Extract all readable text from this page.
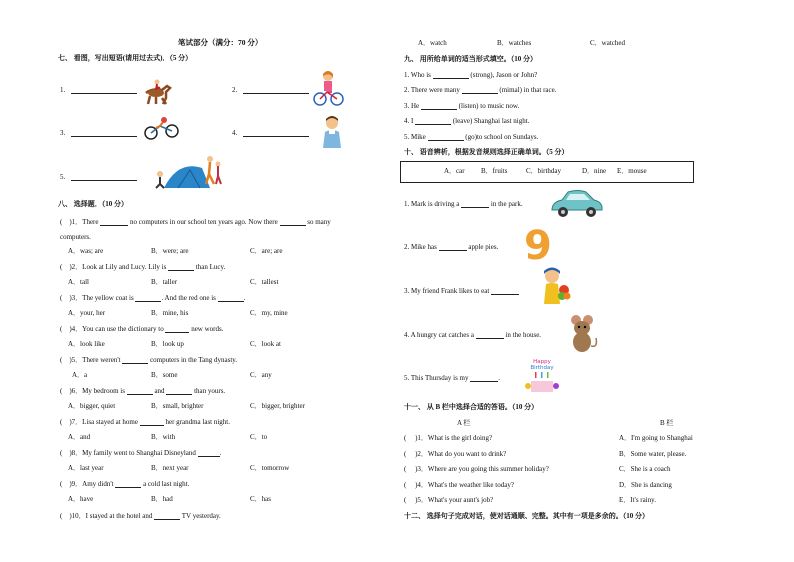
笔试部分（满分：70 分）
七、 看图，写出短语(请用过去式)．（5 分）
1.	2.
3.	4.
5.
八、 选择题．（10 分）
( )1．There	no computers in our school ten years ago. Now there	so many
computers.
A．was; are	B．were; are	C．are; are
( )2．Look at Lily and Lucy. Lily is	than Lucy.
A．tall	B．taller	C．tallest
( )3．The yellow coat is	. And the red one is	.
A．your, her	B．mine, his	C．my, mine
( )4．You can use the dictionary to	new words.
A．look like	B．look up	C．look at
( )5．There weren't	computers in the Tang dynasty.
A．a	B．some	C．any
( )6．My bedroom is	and	than yours.
A．bigger, quiet	B．small, brighter	C．bigger, brighter
( )7．Lisa stayed at home	her grandma last night.
A．and	B．with	C．to
( )8．My family went to Shanghai Disneyland	.
A．last year	B．next year	C．tomorrow
( )9．Amy didn't	a cold last night.
A．have	B．had	C．has
( )10．I stayed at the hotel and	TV yesterday.
A．watch	B．watches	C．watched
九、 用所给单词的适当形式填空。（10 分）
1. Who is	(strong), Jason or John?
2. There were many	(mimal) in that race.
3. He	(listen) to music now.
4. I	(leave) Shanghai last night.
5. Mike	(go)to school on Sundays.
十、 语音辨析，根据发音规则选择正确单词。（5 分）
A．car B．fruits	C．birthday	D．nine E．mouse
1. Mark is driving a	in the park.
2. Mike has	apple pies.
3. My friend Frank likes to eat
4. A hungry cat catches a	in the house.
5. This Thursday is my	.
9
Happy
Birthday
十一、 从 B 栏中选择合适的答语。（10 分）
A 栏	B 栏
( )1．What is the girl doing?	A．I'm going to Shanghai
( )2．What do you want to drink?	B．Some water, please.
( )3．Where are you going this summer holiday?	C．She is a coach
( )4．What's the weather like today?	D．She is dancing
( )5．What's your aunt's job?	E．It's rainy.
十二、 选择句子完成对话，使对话通顺、完整。其中有一项是多余的。（10 分）
